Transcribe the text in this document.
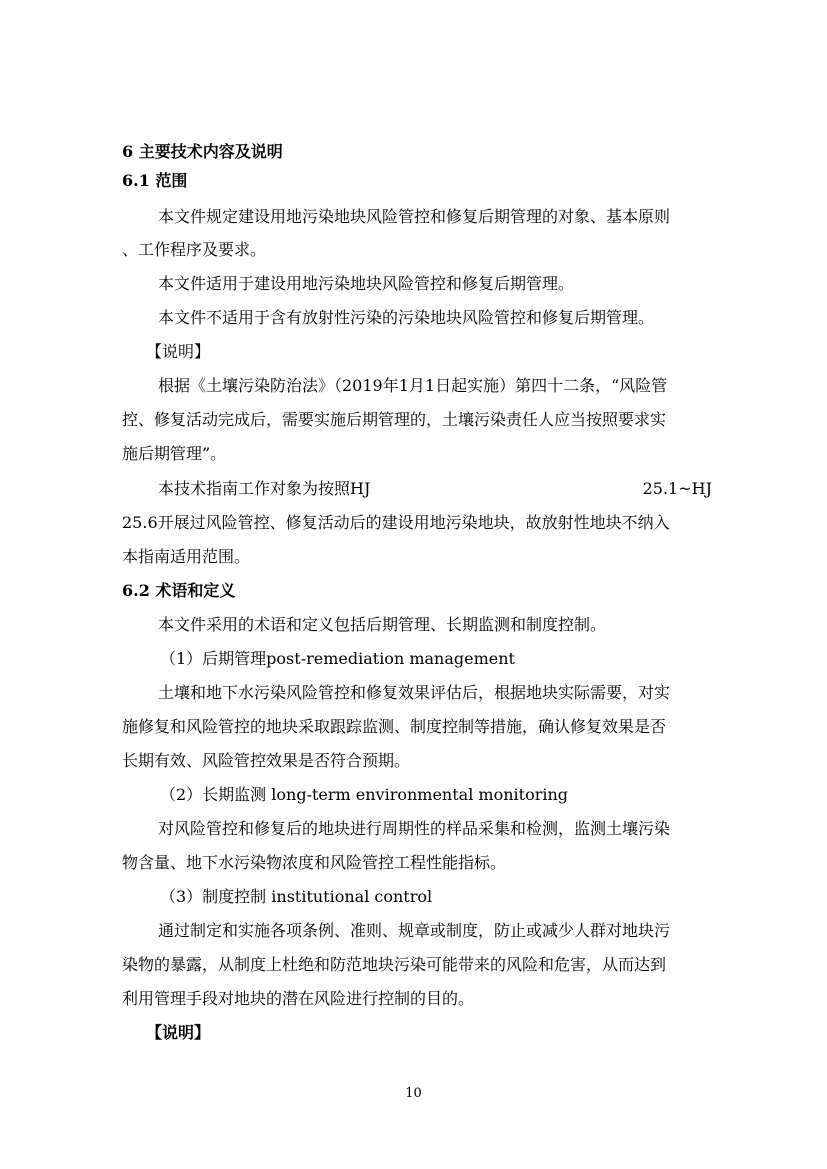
6 主要技术内容及说明
6.1 范围
本文件规定建设用地污染地块风险管控和修复后期管理的对象、基本原则
、工作程序及要求。
本文件适用于建设用地污染地块风险管控和修复后期管理。
本文件不适用于含有放射性污染的污染地块风险管控和修复后期管理。
【说明】
根据《土壤污染防治法》（2019年1月1日起实施）第四十二条，“风险管
控、修复活动完成后，需要实施后期管理的，土壤污染责任人应当按照要求实
施后期管理”。
本技术指南工作对象为按照HJ	25.1~HJ
25.6开展过风险管控、修复活动后的建设用地污染地块，故放射性地块不纳入
本指南适用范围。
6.2 术语和定义
本文件采用的术语和定义包括后期管理、长期监测和制度控制。
（1）后期管理post-remediation management
土壤和地下水污染风险管控和修复效果评估后，根据地块实际需要，对实
施修复和风险管控的地块采取跟踪监测、制度控制等措施，确认修复效果是否
长期有效、风险管控效果是否符合预期。
（2）长期监测 long-term environmental monitoring
对风险管控和修复后的地块进行周期性的样品采集和检测，监测土壤污染
物含量、地下水污染物浓度和风险管控工程性能指标。
（3）制度控制 institutional control
通过制定和实施各项条例、准则、规章或制度，防止或减少人群对地块污
染物的暴露，从制度上杜绝和防范地块污染可能带来的风险和危害，从而达到
利用管理手段对地块的潜在风险进行控制的目的。
【说明】
10
